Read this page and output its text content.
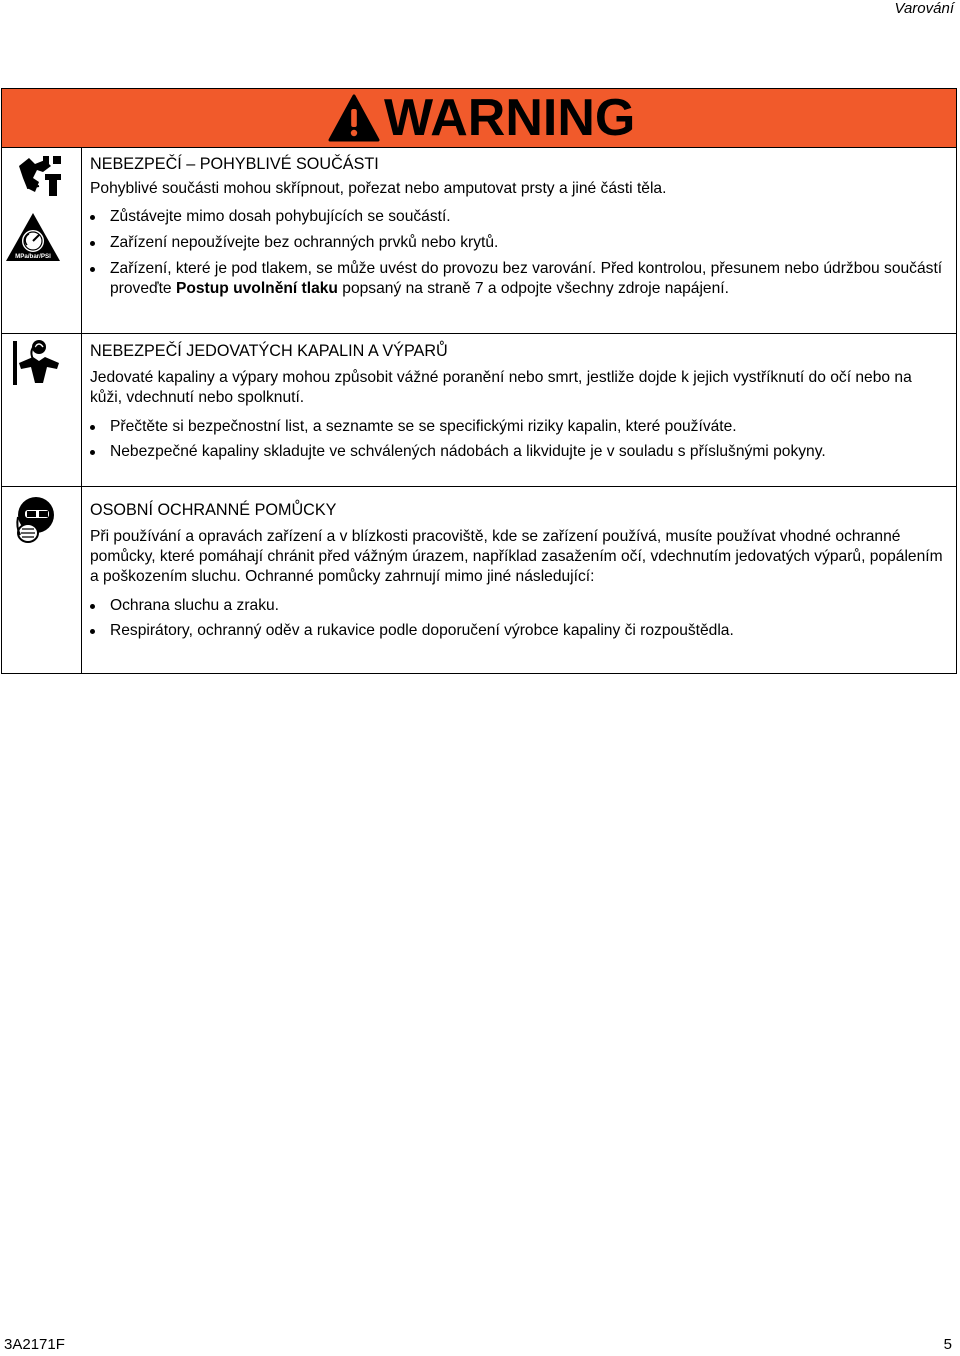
Varování
WARNING
MPa/bar/PSI
NEBEZPEČÍ – POHYBLIVÉ SOUČÁSTI

Pohyblivé součásti mohou skřípnout, pořezat nebo amputovat prsty a jiné části těla.

Zůstávejte mimo dosah pohybujících se součástí.
Zařízení nepoužívejte bez ochranných prvků nebo krytů.
Zařízení, které je pod tlakem, se může uvést do provozu bez varování. Před kontrolou, přesunem nebo údržbou součástí proveďte Postup uvolnění tlaku popsaný na straně 7 a odpojte všechny zdroje napájení.
NEBEZPEČÍ JEDOVATÝCH KAPALIN A VÝPARŮ

Jedovaté kapaliny a výpary mohou způsobit vážné poranění nebo smrt, jestliže dojde k jejich vystříknutí do očí nebo na kůži, vdechnutí nebo spolknutí.

Přečtěte si bezpečnostní list, a seznamte se se specifickými riziky kapalin, které používáte.
Nebezpečné kapaliny skladujte ve schválených nádobách a likvidujte je v souladu s příslušnými pokyny.
OSOBNÍ OCHRANNÉ POMŮCKY

Při používání a opravách zařízení a v blízkosti pracoviště, kde se zařízení používá, musíte používat vhodné ochranné pomůcky, které pomáhají chránit před vážným úrazem, například zasažením očí, vdechnutím jedovatých výparů, popálením a poškozením sluchu. Ochranné pomůcky zahrnují mimo jiné následující:

Ochrana sluchu a zraku.
Respirátory, ochranný oděv a rukavice podle doporučení výrobce kapaliny či rozpouštědla.
3A2171F	5
